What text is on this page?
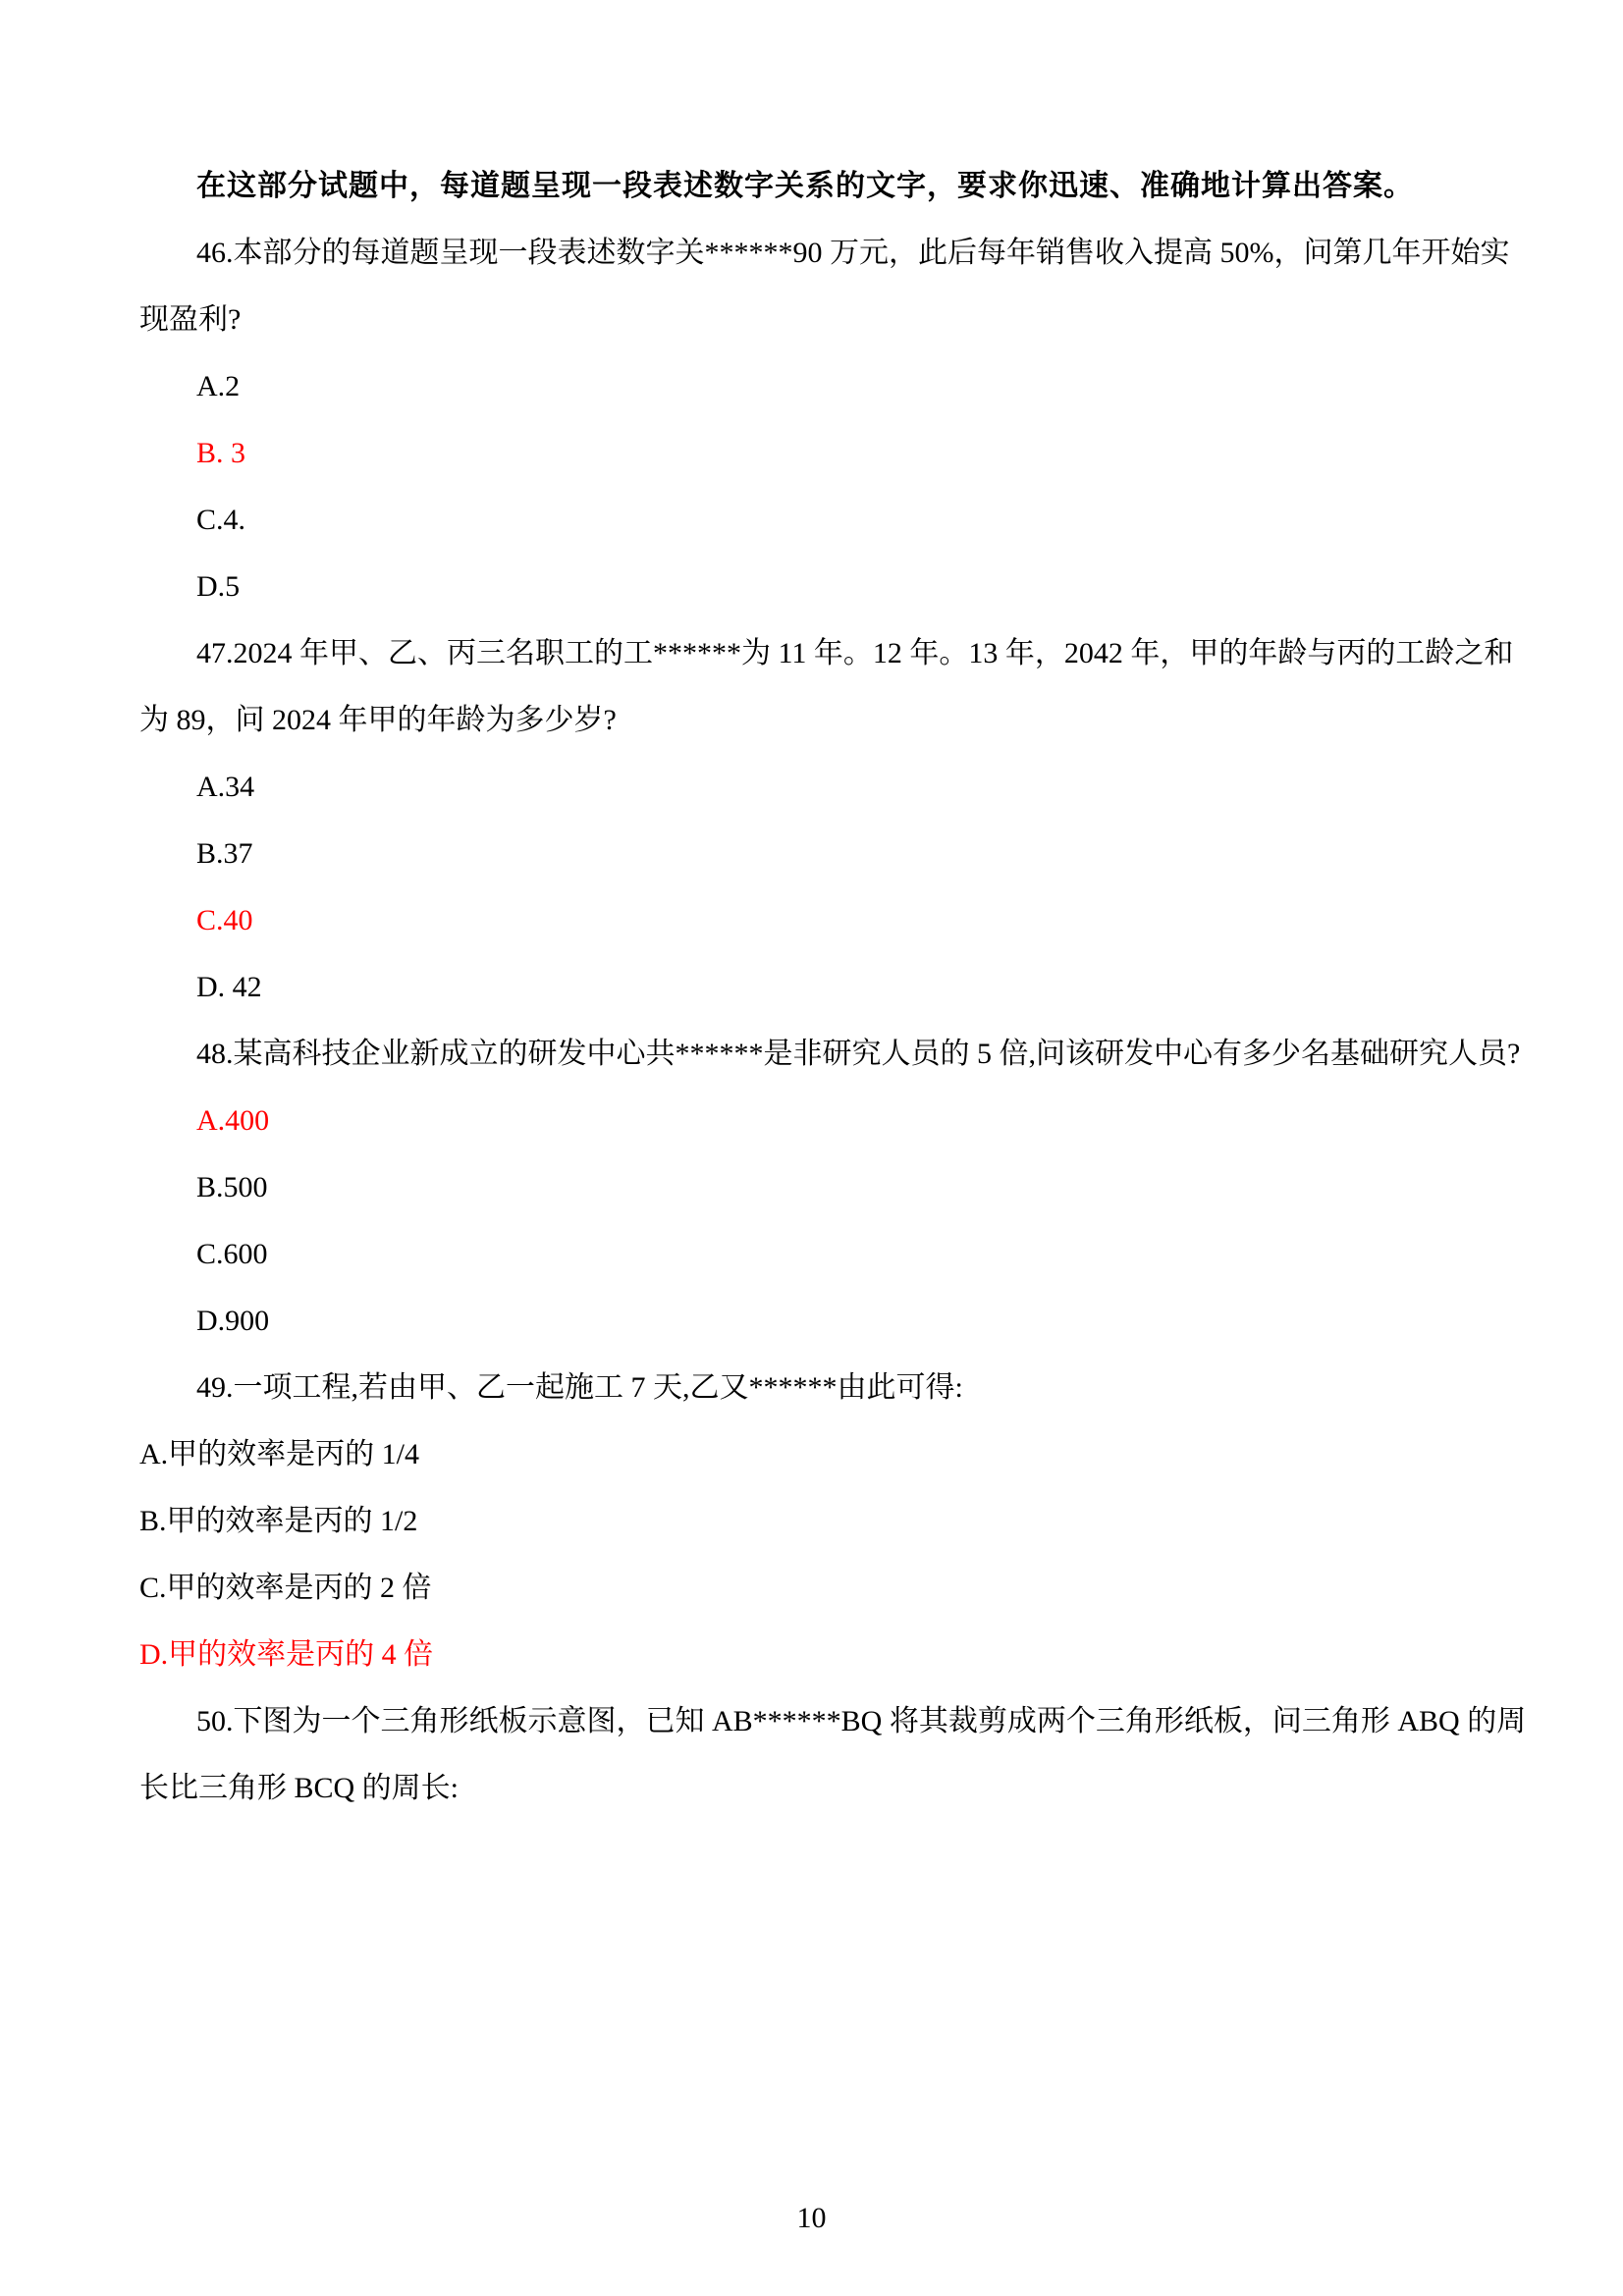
在这部分试题中，每道题呈现一段表述数字关系的文字，要求你迅速、准确地计算出答案。
46.本部分的每道题呈现一段表述数字关******90 万元，此后每年销售收入提高 50%，问第几年开始实
现盈利?
A.2
B. 3
C.4.
D.5
47.2024 年甲、乙、丙三名职工的工******为 11 年。12 年。13 年，2042 年，甲的年龄与丙的工龄之和
为 89，问 2024 年甲的年龄为多少岁?
A.34
B.37
C.40
D. 42
48.某高科技企业新成立的研发中心共******是非研究人员的 5 倍,问该研发中心有多少名基础研究人员?
A.400
B.500
C.600
D.900
49.一项工程,若由甲、乙一起施工 7 天,乙又******由此可得:
A.甲的效率是丙的 1/4
B.甲的效率是丙的 1/2
C.甲的效率是丙的 2 倍
D.甲的效率是丙的 4 倍
50.下图为一个三角形纸板示意图，已知 AB******BQ 将其裁剪成两个三角形纸板，问三角形 ABQ 的周
长比三角形 BCQ 的周长:
10
